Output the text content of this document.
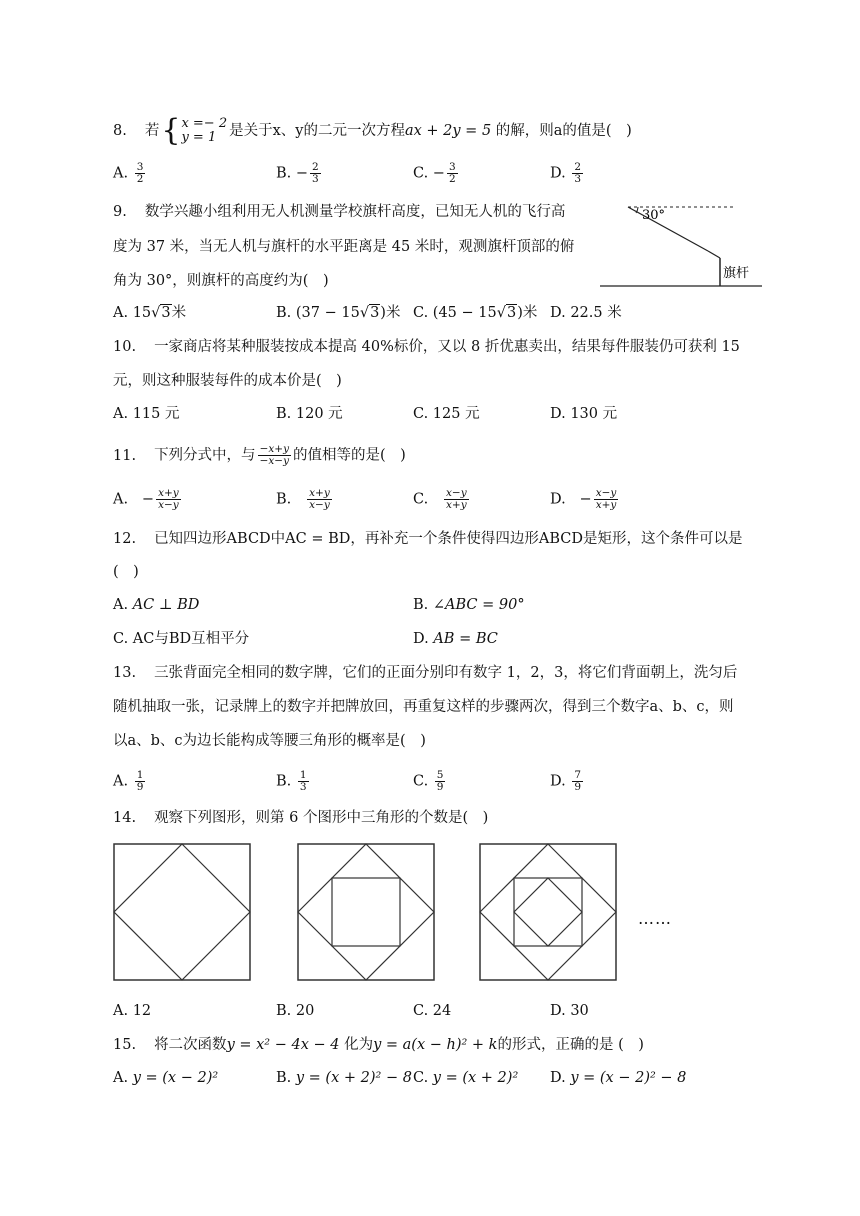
8. 若 { x =− 2
y = 1 是关于x、y的二元一次方程ax + 2y = 5 的解，则a的值是(　)
A. $\frac{3}{2}$	B. − $\frac{2}{3}$	C. − $\frac{3}{2}$	D. $\frac{2}{3}$
9. 数学兴趣小组利用无人机测量学校旗杆高度，已知无人机的飞行高
度为 37 米，当无人机与旗杆的水平距离是 45 米时，观测旗杆顶部的俯
角为 30°，则旗杆的高度约为(　)
30°
旗杆
A. 15√3米	B. (37 − 15√3)米 C. (45 − 15√3)米 D. 22.5 米
10. 一家商店将某种服装按成本提高 40%标价，又以 8 折优惠卖出，结果每件服装仍可获利 15
元，则这种服装每件的成本价是(　)
A. 115 元	B. 120 元	C. 125 元	D. 130 元
11. 下列分式中，与 $\frac{-x+y}{-x-y}$ 的值相等的是(　)
A. − $\frac{x+y}{x-y}$	B. $\frac{x+y}{x-y}$	C. $\frac{x-y}{x+y}$	D. − $\frac{x-y}{x+y}$
12. 已知四边形ABCD中AC = BD，再补充一个条件使得四边形ABCD是矩形，这个条件可以是
(　)
A. AC ⊥ BD	B. ∠ABC = 90°
C. AC与BD互相平分	D. AB = BC
13. 三张背面完全相同的数字牌，它们的正面分别印有数字 1，2，3，将它们背面朝上，洗匀后
随机抽取一张，记录牌上的数字并把牌放回，再重复这样的步骤两次，得到三个数字a、b、c，则
以a、b、c为边长能构成等腰三角形的概率是(　)
A. $\frac{1}{9}$	B. $\frac{1}{3}$	C. $\frac{5}{9}$	D. $\frac{7}{9}$
14. 观察下列图形，则第 6 个图形中三角形的个数是(　)
……
A. 12	B. 20	C. 24	D. 30
15. 将二次函数y = x² − 4x − 4 化为y = a(x − h)² + k的形式，正确的是 (　)
A. y = (x − 2)²	B. y = (x + 2)² − 8 C. y = (x + 2)² D. y = (x − 2)² − 8
